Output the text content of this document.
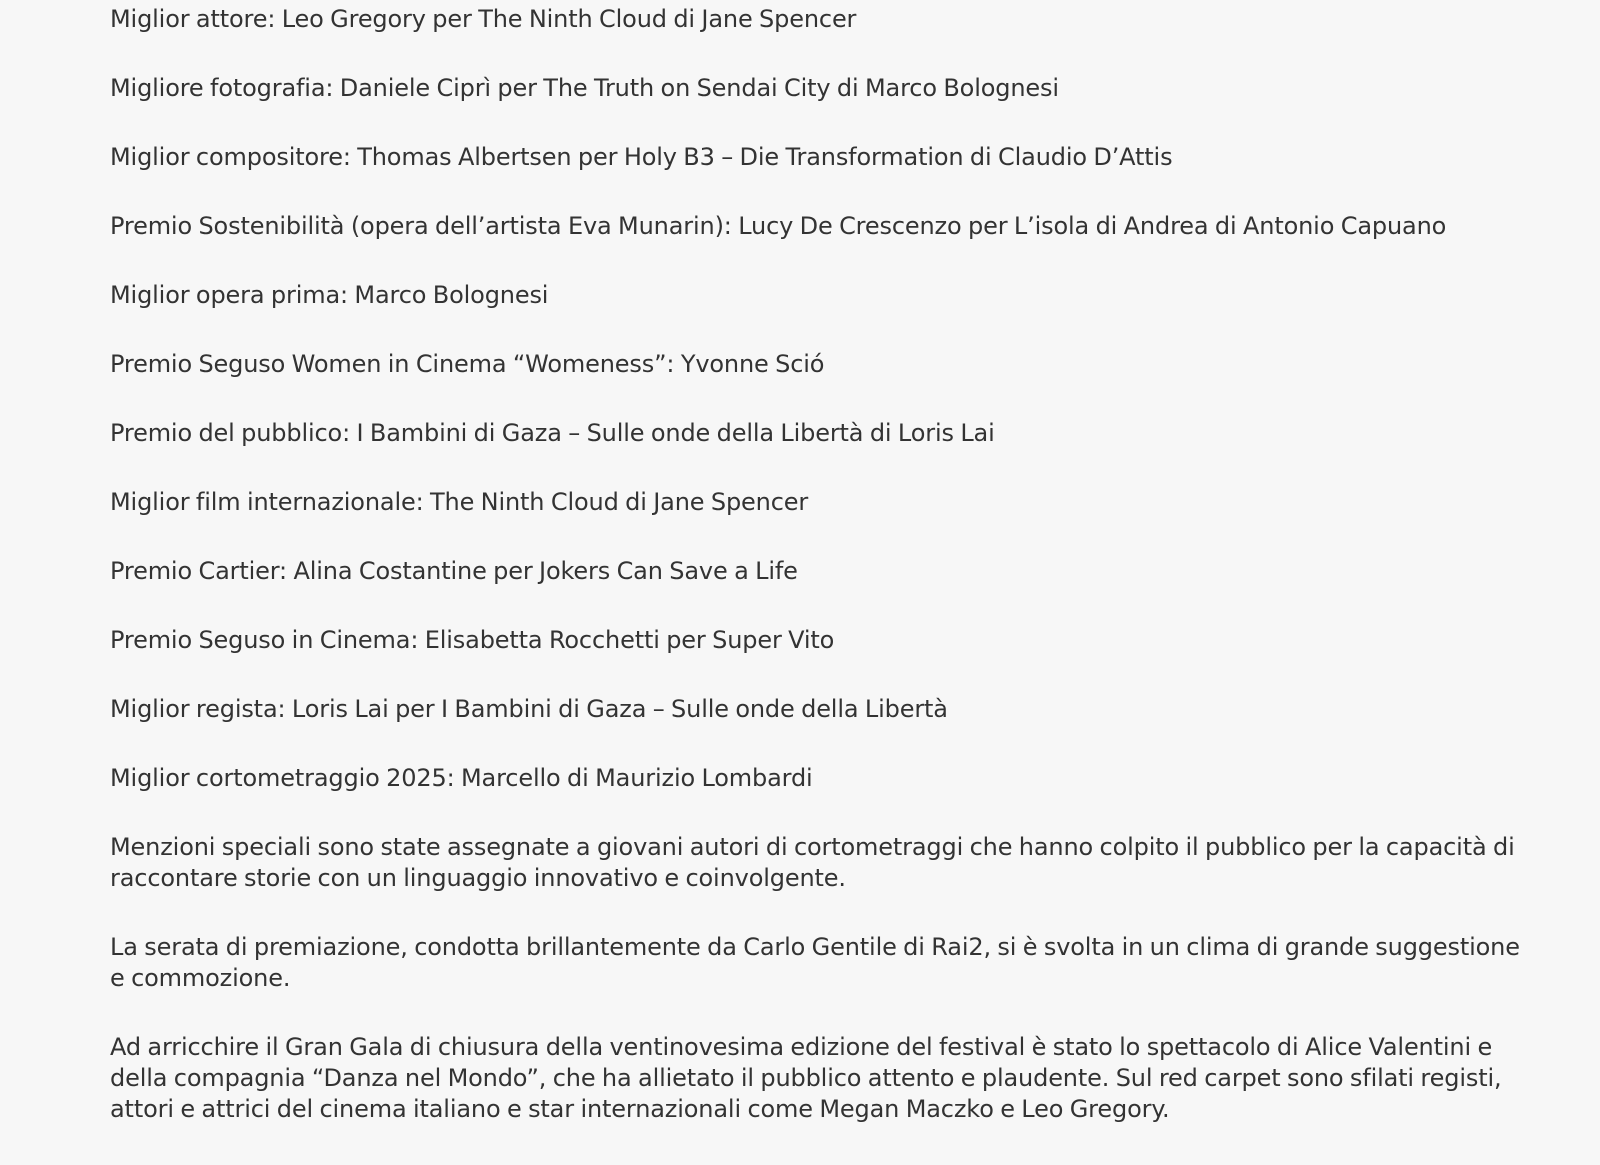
Miglior attore: Leo Gregory per The Ninth Cloud di Jane Spencer

Migliore fotografia: Daniele Ciprì per The Truth on Sendai City di Marco Bolognesi

Miglior compositore: Thomas Albertsen per Holy B3 – Die Transformation di Claudio D’Attis

Premio Sostenibilità (opera dell’artista Eva Munarin): Lucy De Crescenzo per L’isola di Andrea di Antonio Capuano

Miglior opera prima: Marco Bolognesi

Premio Seguso Women in Cinema “Womeness”: Yvonne Sció

Premio del pubblico: I Bambini di Gaza – Sulle onde della Libertà di Loris Lai

Miglior film internazionale: The Ninth Cloud di Jane Spencer

Premio Cartier: Alina Costantine per Jokers Can Save a Life

Premio Seguso in Cinema: Elisabetta Rocchetti per Super Vito

Miglior regista: Loris Lai per I Bambini di Gaza – Sulle onde della Libertà

Miglior cortometraggio 2025: Marcello di Maurizio Lombardi

Menzioni speciali sono state assegnate a giovani autori di cortometraggi che hanno colpito il pubblico per la capacità di raccontare storie con un linguaggio innovativo e coinvolgente.

La serata di premiazione, condotta brillantemente da Carlo Gentile di Rai2, si è svolta in un clima di grande suggestione e commozione.

Ad arricchire il Gran Gala di chiusura della ventinovesima edizione del festival è stato lo spettacolo di Alice Valentini e della compagnia “Danza nel Mondo”, che ha allietato il pubblico attento e plaudente. Sul red carpet sono sfilati registi, attori e attrici del cinema italiano e star internazionali come Megan Maczko e Leo Gregory.
